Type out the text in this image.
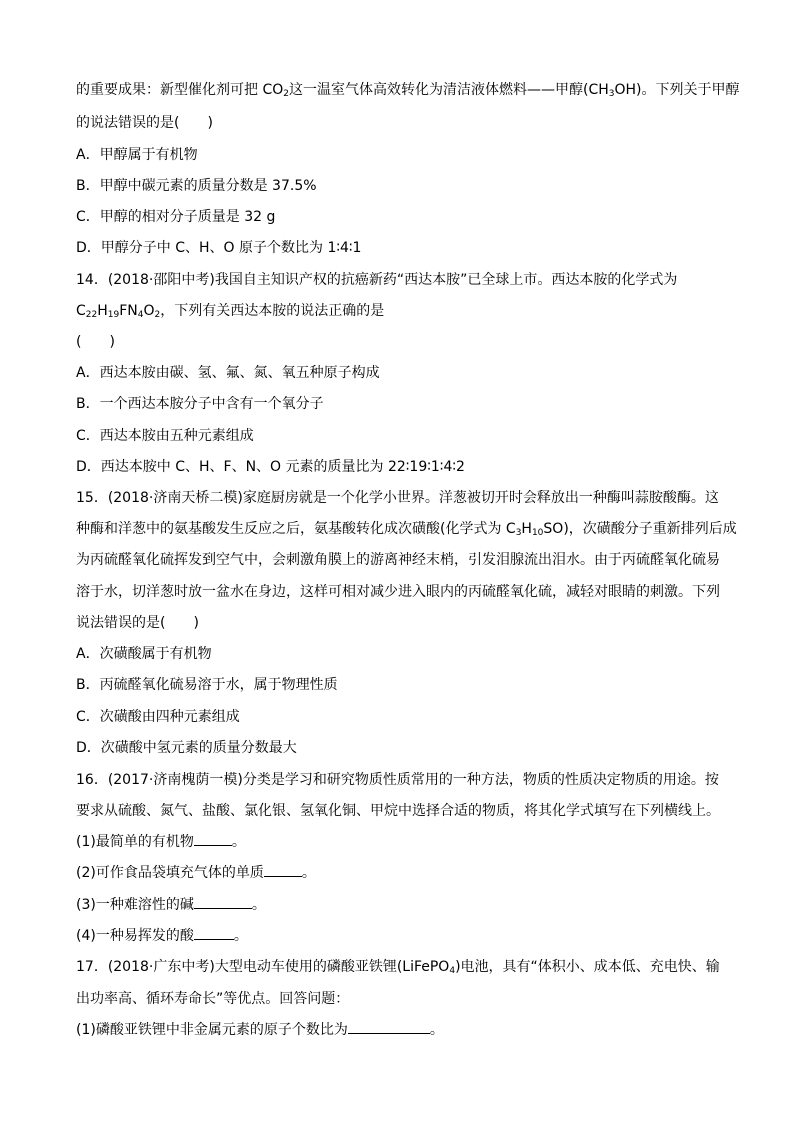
的重要成果：新型催化剂可把 $CO_2$这一温室气体高效转化为清洁液体燃料——甲醇$(CH_3OH)$。下列关于甲醇
的说法错误的是(　　)
A．甲醇属于有机物
B．甲醇中碳元素的质量分数是 37.5%
C．甲醇的相对分子质量是 32 g
D．甲醇分子中 C、H、O 原子个数比为 1∶4∶1
14．(2018·邵阳中考)我国自主知识产权的抗癌新药“西达本胺”已全球上市。西达本胺的化学式为
$C_{22}H_{19}FN_4O_2$，下列有关西达本胺的说法正确的是
(　　)
A．西达本胺由碳、氢、氟、氮、氧五种原子构成
B．一个西达本胺分子中含有一个氧分子
C．西达本胺由五种元素组成
D．西达本胺中 C、H、F、N、O 元素的质量比为 22∶19∶1∶4∶2
15．(2018·济南天桥二模)家庭厨房就是一个化学小世界。洋葱被切开时会释放出一种酶叫蒜胺酸酶。这
种酶和洋葱中的氨基酸发生反应之后，氨基酸转化成次磺酸(化学式为 $C_3H_{10}SO$)，次磺酸分子重新排列后成
为丙硫醛氧化硫挥发到空气中，会刺激角膜上的游离神经末梢，引发泪腺流出泪水。由于丙硫醛氧化硫易
溶于水，切洋葱时放一盆水在身边，这样可相对减少进入眼内的丙硫醛氧化硫，减轻对眼睛的刺激。下列
说法错误的是(　　)
A．次磺酸属于有机物
B．丙硫醛氧化硫易溶于水，属于物理性质
C．次磺酸由四种元素组成
D．次磺酸中氢元素的质量分数最大
16．(2017·济南槐荫一模)分类是学习和研究物质性质常用的一种方法，物质的性质决定物质的用途。按
要求从硫酸、氮气、盐酸、氯化银、氢氧化铜、甲烷中选择合适的物质，将其化学式填写在下列横线上。
(1)最简单的有机物	。
(2)可作食品袋填充气体的单质	。
(3)一种难溶性的碱	。
(4)一种易挥发的酸	。
17．(2018·广东中考)大型电动车使用的磷酸亚铁锂(LiFePO$_4$)电池，具有“体积小、成本低、充电快、输
出功率高、循环寿命长”等优点。回答问题：
(1)磷酸亚铁锂中非金属元素的原子个数比为	。
